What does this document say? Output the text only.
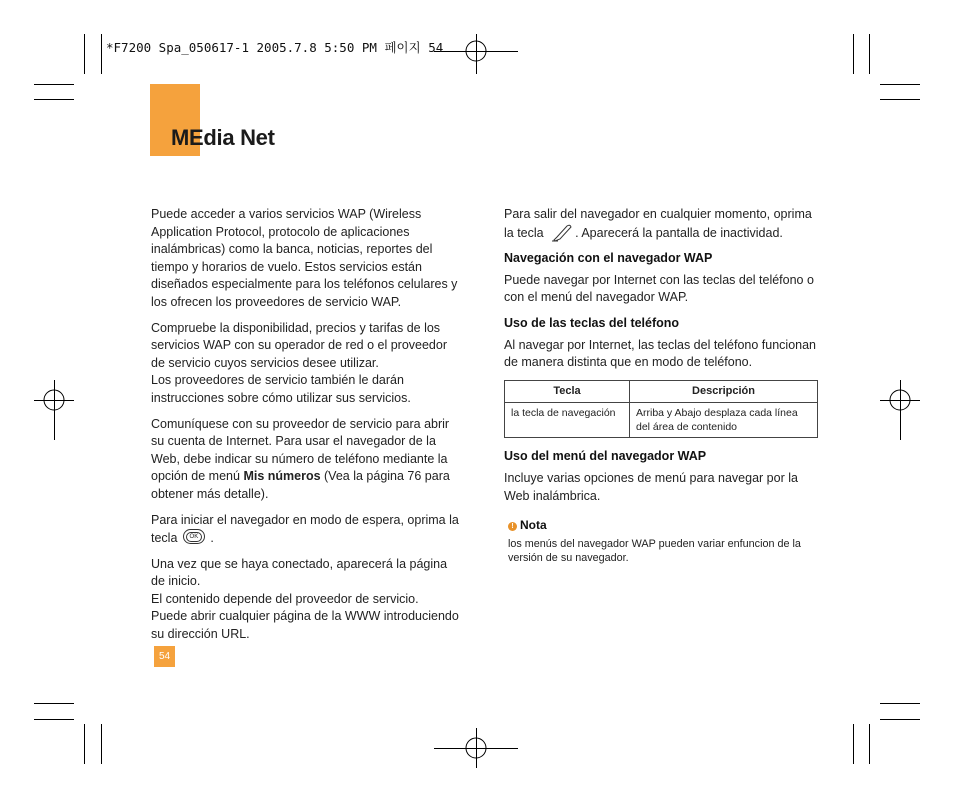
*F7200 Spa_050617-1 2005.7.8 5:50 PM 페이지 54
MEdia Net

Puede acceder a varios servicios WAP (Wireless Application Protocol, protocolo de aplicaciones inalámbricas) como la banca, noticias, reportes del tiempo y horarios de vuelo. Estos servicios están diseñados especialmente para los teléfonos celulares y los ofrecen los proveedores de servicio WAP.

Compruebe la disponibilidad, precios y tarifas de los servicios WAP con su operador de red o el proveedor de servicio cuyos servicios desee utilizar.

Los proveedores de servicio también le darán instrucciones sobre cómo utilizar sus servicios.

Comuníquese con su proveedor de servicio para abrir su cuenta de Internet. Para usar el navegador de la Web, debe indicar su número de teléfono mediante la opción de menú Mis números (Vea la página 76 para obtener más detalle).

Para iniciar el navegador en modo de espera, oprima la tecla OK	.

Una vez que se haya conectado, aparecerá la página de inicio.

El contenido depende del proveedor de servicio.

Puede abrir cualquier página de la WWW introduciendo su dirección URL.

Para salir del navegador en cualquier momento, oprima la tecla	. Aparecerá la pantalla de inactividad.

Navegación con el navegador WAP

Puede navegar por Internet con las teclas del teléfono o con el menú del navegador WAP.

Uso de las teclas del teléfono

Al navegar por Internet, las teclas del teléfono funcionan de manera distinta que en modo de teléfono.

Tecla	Descripción
la tecla de navegación	Arriba y Abajo desplaza cada línea del área de contenido
Uso del menú del navegador WAP

Incluye varias opciones de menú para navegar por la Web inalámbrica.

! Nota
los menús del navegador WAP pueden variar enfuncion de la versión de su navegador.
54
